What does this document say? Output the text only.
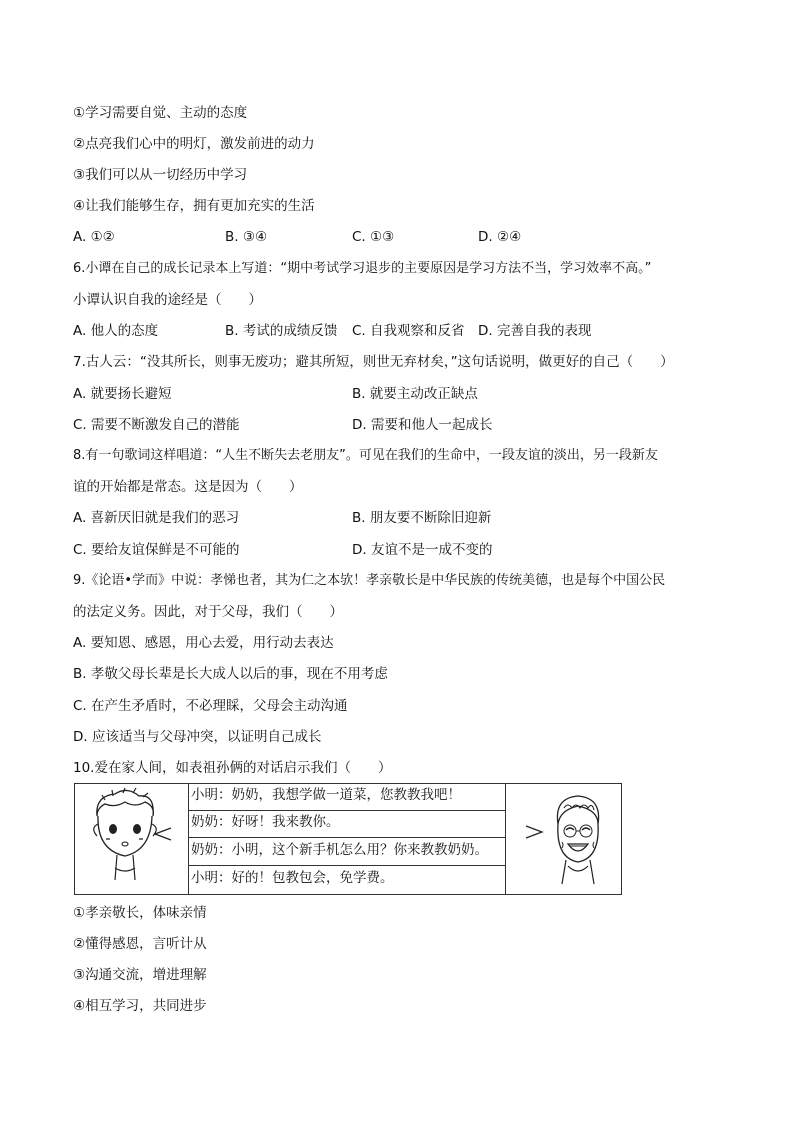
①学习需要自觉、主动的态度
②点亮我们心中的明灯，激发前进的动力
③我们可以从一切经历中学习
④让我们能够生存，拥有更加充实的生活
A. ①②	B. ③④	C. ①③	D. ②④
6.小谭在自己的成长记录本上写道：“期中考试学习退步的主要原因是学习方法不当，学习效率不高。”
小谭认识自我的途经是（　　）
A. 他人的态度	B. 考试的成绩反馈 C. 自我观察和反省 D. 完善自我的表现
7.古人云：“没其所长，则事无废功；避其所短，则世无弃材矣，”这句话说明，做更好的自己（　　）
A. 就要扬长避短	B. 就要主动改正缺点
C. 需要不断激发自己的潜能	D. 需要和他人一起成长
8.有一句歌词这样唱道：“人生不断失去老朋友”。可见在我们的生命中，一段友谊的淡出，另一段新友
谊的开始都是常态。这是因为（　　）
A. 喜新厌旧就是我们的恶习	B. 朋友要不断除旧迎新
C. 要给友谊保鲜是不可能的	D. 友谊不是一成不变的
9.《论语•学而》中说：孝悌也者，其为仁之本欤！孝亲敬长是中华民族的传统美德，也是每个中国公民
的法定义务。因此，对于父母，我们（　　）
A. 要知恩、感恩，用心去爱，用行动去表达
B. 孝敬父母长辈是长大成人以后的事，现在不用考虑
C. 在产生矛盾时，不必理睬，父母会主动沟通
D. 应该适当与父母冲突，以证明自己成长
10.爱在家人间，如表祖孙俩的对话启示我们（　　）
小明：奶奶，我想学做一道菜，您教教我吧！
奶奶：好呀！我来教你。
奶奶：小明，这个新手机怎么用？你来教教奶奶。
小明：好的！包教包会，免学费。
①孝亲敬长，体味亲情
②懂得感恩，言听计从
③沟通交流，增进理解
④相互学习，共同进步
